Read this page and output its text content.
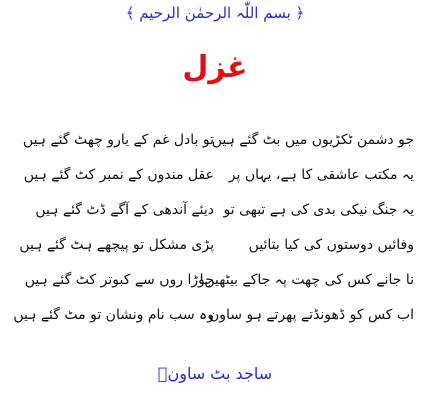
﴿ بسم اللّٰہ الرحمٰن الرحیم ﴾
غزل
جو دشمن ٹکڑیوں میں بٹ گئے ہیں
تو بادل غم کے یارو چھٹ گئے ہیں
یہ مکتب عاشقی کا ہے، یہاں پر
عقل مندوں کے نمبر کٹ گئے ہیں
یہ جنگ نیکی بدی کی ہے تبھی تو
دیئے آندھی کے آگے ڈٹ گئے ہیں
وفائیں دوستوں کی کیا بتائیں
پڑی مشکل تو پیچھے ہٹ گئے ہیں
نا جانے کس کی چھت پہ جاکے بیٹھیں!
جوڑا روں سے کبوتر کٹ گئے ہیں
اب کس کو ڈھونڈتے پھرتے ہو ساون
وہ سب نام ونشان تو مٹ گئے ہیں
ساجد بٹ ساونؔ
